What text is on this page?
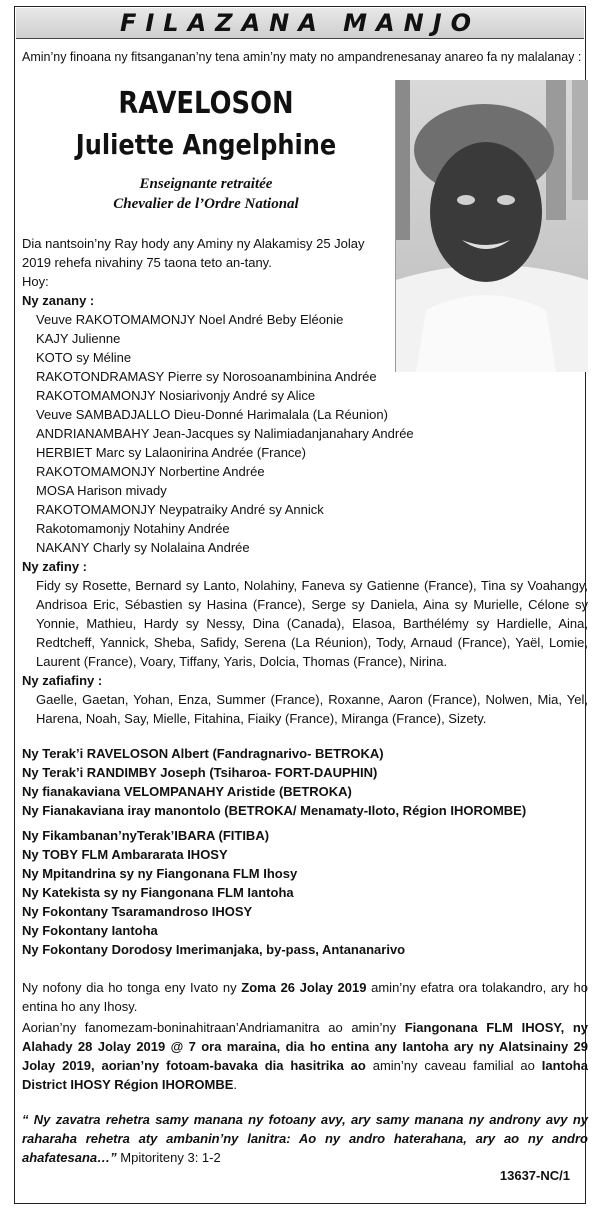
FILAZANA MANJO
Amin’ny finoana ny fitsanganan’ny tena amin’ny maty no ampandrenesanay anareo fa ny malalanay :
RAVELOSON
Juliette Angelphine
Enseignante retraitée
Chevalier de l’Ordre National
Dia nantsoin’ny Ray hody any Aminy ny Alakamisy 25 Jolay 2019 rehefa nivahiny 75 taona teto an-tany.
Hoy:
Ny zanany :
Veuve RAKOTOMAMONJY Noel André Beby Eléonie
KAJY Julienne
KOTO sy Méline
RAKOTONDRAMASY Pierre sy Norosoanambinina Andrée
RAKOTOMAMONJY Nosiarivonjy André sy Alice
Veuve SAMBADJALLO Dieu-Donné Harimalala (La Réunion)
ANDRIANAMBAHY Jean-Jacques sy Nalimiadanjanahary Andrée
HERBIET Marc sy Lalaonirina Andrée (France)
RAKOTOMAMONJY Norbertine Andrée
MOSA Harison mivady
RAKOTOMAMONJY Neypatraiky André sy Annick
Rakotomamonjy Notahiny Andrée
NAKANY Charly sy Nolalaina Andrée
Ny zafiny :
Fidy sy Rosette, Bernard sy Lanto, Nolahiny, Faneva sy Gatienne (France), Tina sy Voahangy, Andrisoa Eric, Sébastien sy Hasina (France), Serge sy Daniela, Aina sy Murielle, Célone sy Yonnie, Mathieu, Hardy sy Nessy, Dina (Canada), Elasoa, Barthélémy sy Hardielle, Aina, Redtcheff, Yannick, Sheba, Safidy, Serena (La Réunion), Tody, Arnaud (France), Yaël, Lomie, Laurent (France), Voary, Tiffany, Yaris, Dolcia, Thomas (France), Nirina.
Ny zafiafiny :
Gaelle, Gaetan, Yohan, Enza, Summer (France), Roxanne, Aaron (France), Nolwen, Mia, Yel, Harena, Noah, Say, Mielle, Fitahina, Fiaiky (France), Miranga (France), Sizety.
Ny Terak’i RAVELOSON Albert (Fandragnarivo- BETROKA)
Ny Terak’i RANDIMBY Joseph (Tsiharoa- FORT-DAUPHIN)
Ny fianakaviana VELOMPANAHY Aristide (BETROKA)
Ny Fianakaviana iray manontolo (BETROKA/ Menamaty-Iloto, Région IHOROMBE)
Ny Fikambanan’nyTerak’IBARA (FITIBA)
Ny TOBY FLM Ambararata IHOSY
Ny Mpitandrina sy ny Fiangonana FLM Ihosy
Ny Katekista sy ny Fiangonana FLM Iantoha
Ny Fokontany Tsaramandroso IHOSY
Ny Fokontany Iantoha
Ny Fokontany Dorodosy Imerimanjaka, by-pass, Antananarivo
Ny nofony dia ho tonga eny Ivato ny Zoma 26 Jolay 2019 amin’ny efatra ora tolakandro, ary ho entina ho any Ihosy.
Aorian’ny fanomezam-boninahitraan’Andriamanitra ao amin’ny Fiangonana FLM IHOSY, ny Alahady 28 Jolay 2019 @ 7 ora maraina, dia ho entina any Iantoha ary ny Alatsinainy 29 Jolay 2019, aorian’ny fotoam-bavaka dia hasitrika ao amin’ny caveau familial ao Iantoha District IHOSY Région IHOROMBE.
“ Ny zavatra rehetra samy manana ny fotoany avy, ary samy manana ny androny avy ny raharaha rehetra aty ambanin’ny lanitra: Ao ny andro haterahana, ary ao ny andro ahafatesana…” Mpitoriteny 3: 1-2
13637-NC/1
